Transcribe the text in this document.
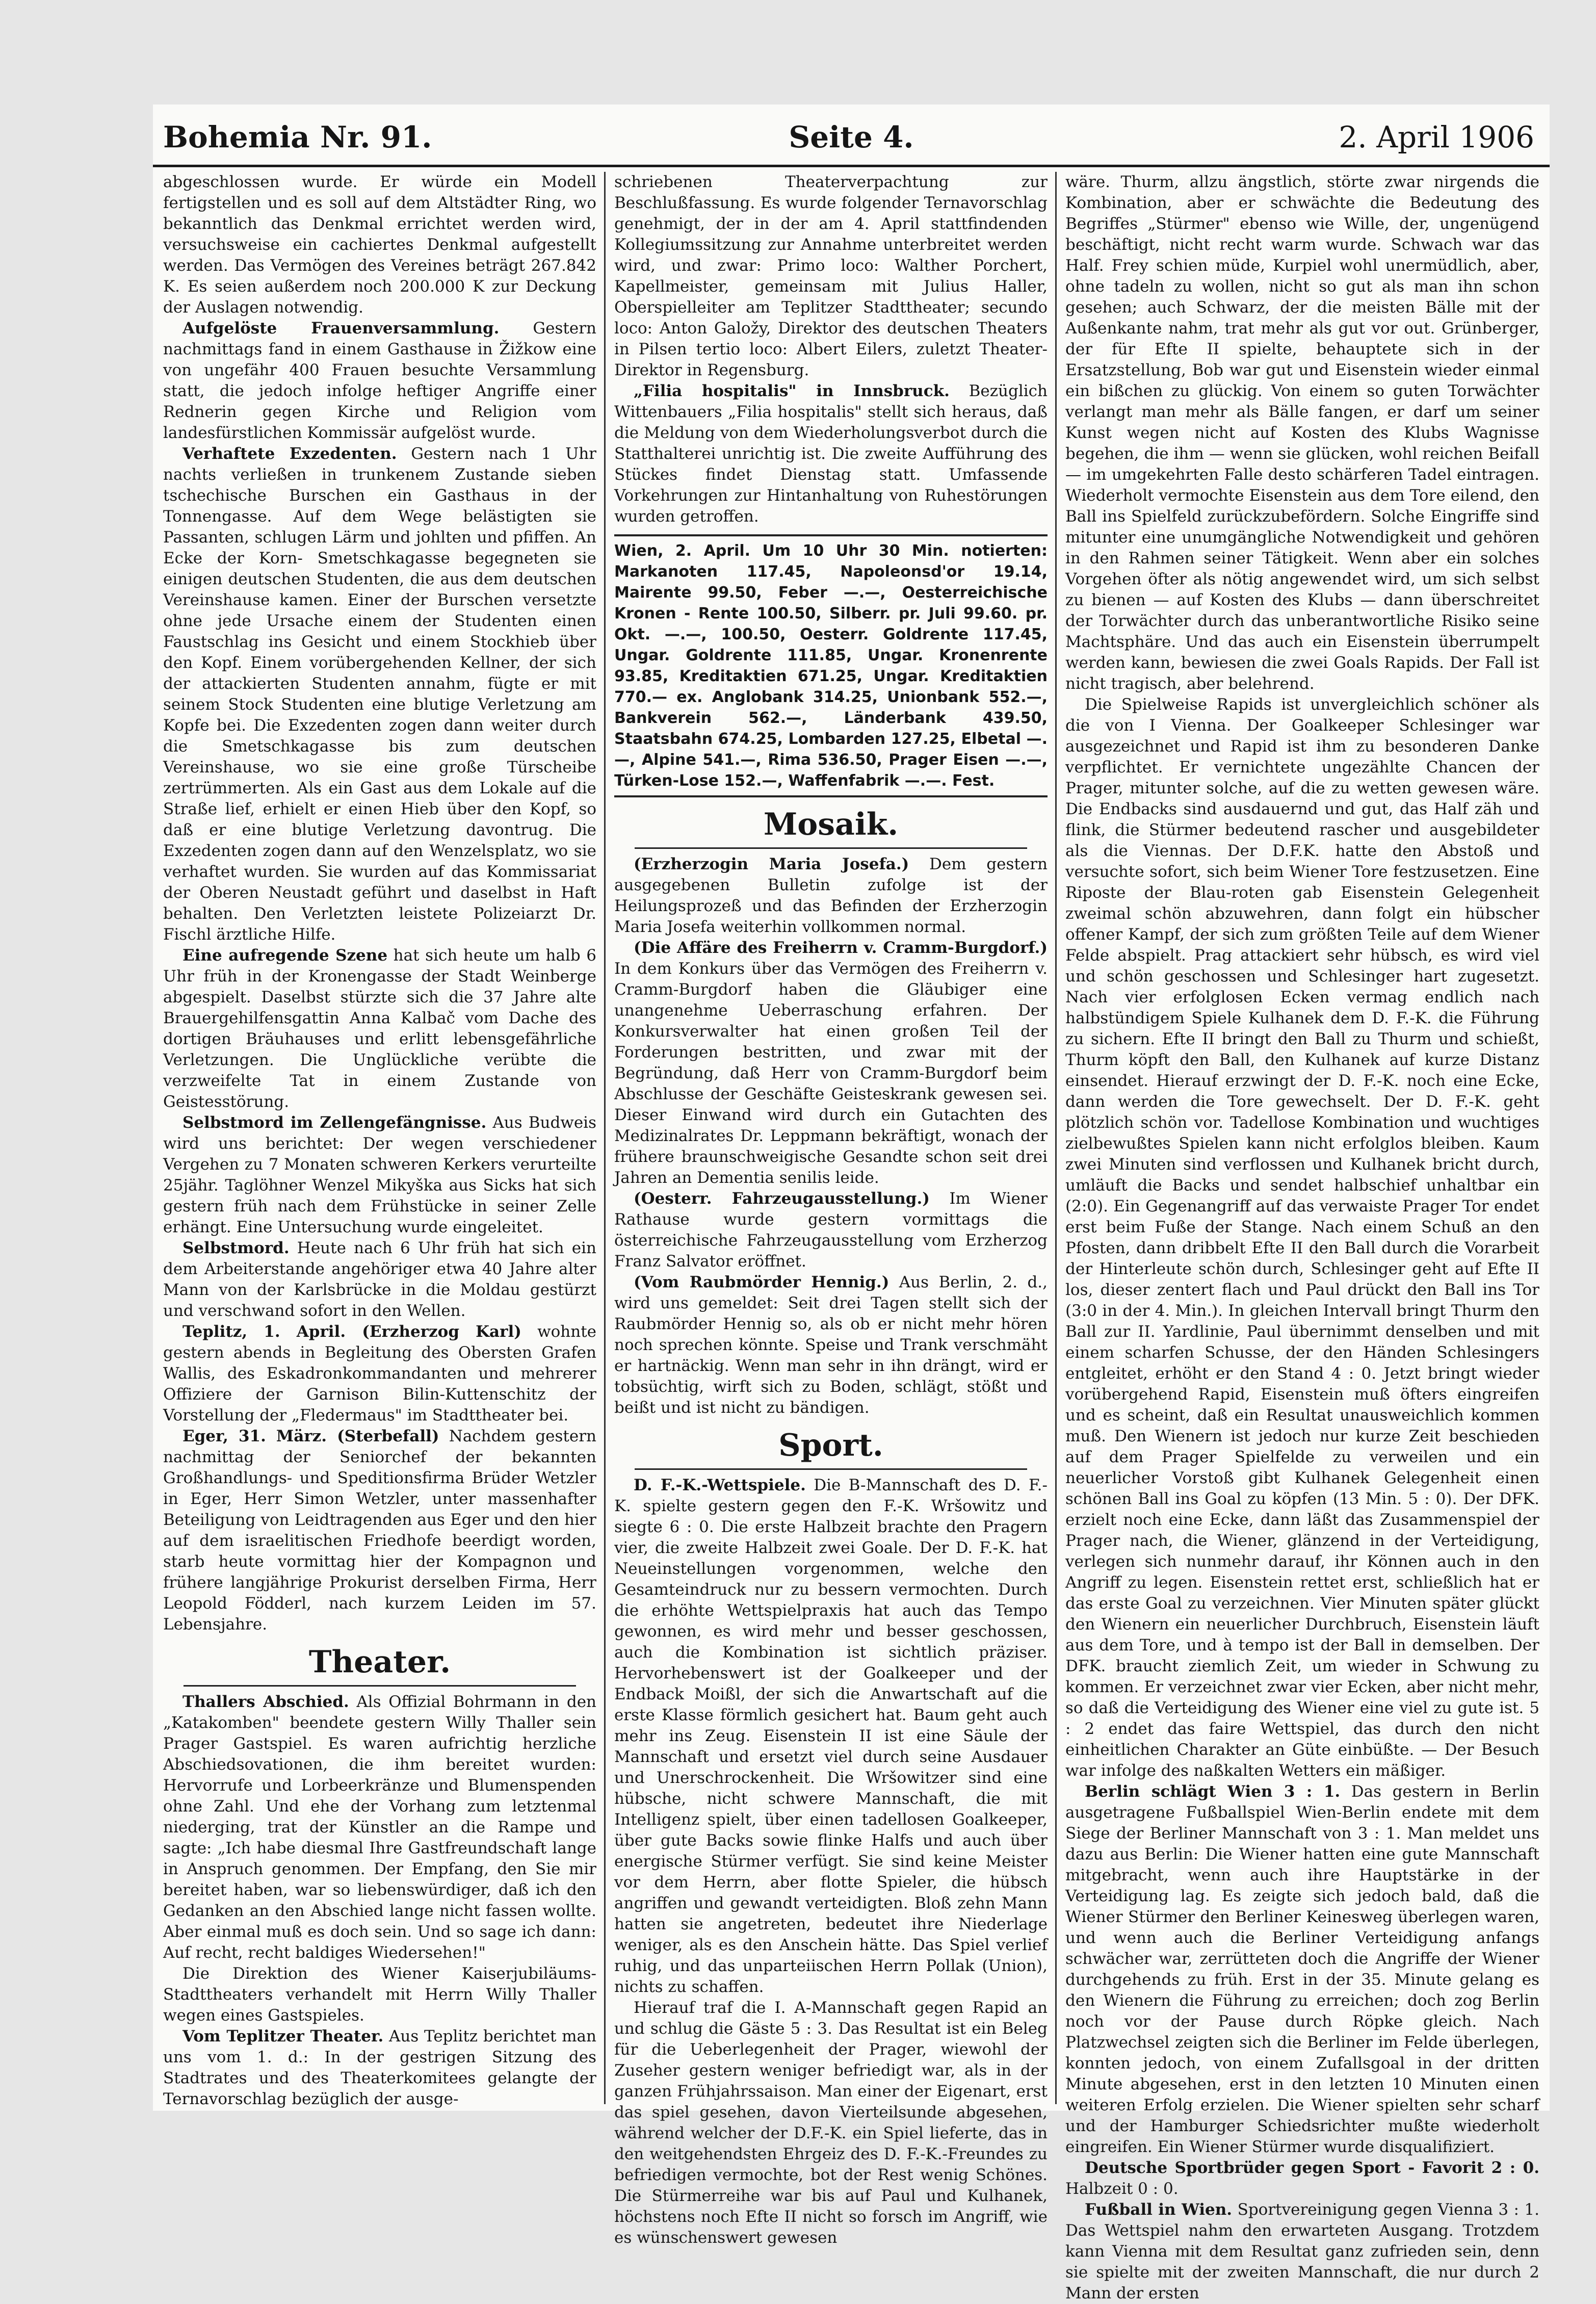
Bohemia Nr. 91.	Seite 4.	2. April 1906

abgeschlossen wurde. Er würde ein Modell fertigstellen und es soll auf dem Altstädter Ring, wo bekanntlich das Denkmal errichtet werden wird, versuchsweise ein cachiertes Denkmal aufgestellt werden. Das Vermögen des Vereines beträgt 267.842 K. Es seien außerdem noch 200.000 K zur Deckung der Auslagen notwendig.

Aufgelöste Frauenversammlung. Gestern nachmittags fand in einem Gasthause in Žižkow eine von ungefähr 400 Frauen besuchte Versammlung statt, die jedoch infolge heftiger Angriffe einer Rednerin gegen Kirche und Religion vom landesfürstlichen Kommissär aufgelöst wurde.

Verhaftete Exzedenten. Gestern nach 1 Uhr nachts verließen in trunkenem Zustande sieben tschechische Burschen ein Gasthaus in der Tonnengasse. Auf dem Wege belästigten sie Passanten, schlugen Lärm und johlten und pfiffen. An Ecke der Korn- Smetschkagasse begegneten sie einigen deutschen Studenten, die aus dem deutschen Vereinshause kamen. Einer der Burschen versetzte ohne jede Ursache einem der Studenten einen Faustschlag ins Gesicht und einem Stockhieb über den Kopf. Einem vorübergehenden Kellner, der sich der attackierten Studenten annahm, fügte er mit seinem Stock Studenten eine blutige Verletzung am Kopfe bei. Die Exzedenten zogen dann weiter durch die Smetschkagasse bis zum deutschen Vereinshause, wo sie eine große Türscheibe zertrümmerten. Als ein Gast aus dem Lokale auf die Straße lief, erhielt er einen Hieb über den Kopf, so daß er eine blutige Verletzung davontrug. Die Exzedenten zogen dann auf den Wenzelsplatz, wo sie verhaftet wurden. Sie wurden auf das Kommissariat der Oberen Neustadt geführt und daselbst in Haft behalten. Den Verletzten leistete Polizeiarzt Dr. Fischl ärztliche Hilfe.

Eine aufregende Szene hat sich heute um halb 6 Uhr früh in der Kronengasse der Stadt Weinberge abgespielt. Daselbst stürzte sich die 37 Jahre alte Brauergehilfensgattin Anna Kalbač vom Dache des dortigen Bräuhauses und erlitt lebensgefährliche Verletzungen. Die Unglückliche verübte die verzweifelte Tat in einem Zustande von Geistesstörung.

Selbstmord im Zellengefängnisse. Aus Budweis wird uns berichtet: Der wegen verschiedener Vergehen zu 7 Monaten schweren Kerkers verurteilte 25jähr. Taglöhner Wenzel Mikyška aus Sicks hat sich gestern früh nach dem Frühstücke in seiner Zelle erhängt. Eine Untersuchung wurde eingeleitet.

Selbstmord. Heute nach 6 Uhr früh hat sich ein dem Arbeiterstande angehöriger etwa 40 Jahre alter Mann von der Karlsbrücke in die Moldau gestürzt und verschwand sofort in den Wellen.

Teplitz, 1. April. (Erzherzog Karl) wohnte gestern abends in Begleitung des Obersten Grafen Wallis, des Eskadronkommandanten und mehrerer Offiziere der Garnison Bilin-Kuttenschitz der Vorstellung der „Fledermaus" im Stadttheater bei.

Eger, 31. März. (Sterbefall) Nachdem gestern nachmittag der Seniorchef der bekannten Großhandlungs- und Speditionsfirma Brüder Wetzler in Eger, Herr Simon Wetzler, unter massenhafter Beteiligung von Leidtragenden aus Eger und den hier auf dem israelitischen Friedhofe beerdigt worden, starb heute vormittag hier der Kompagnon und frühere langjährige Prokurist derselben Firma, Herr Leopold Födderl, nach kurzem Leiden im 57. Lebensjahre.

Theater.

Thallers Abschied. Als Offizial Bohrmann in den „Katakomben" beendete gestern Willy Thaller sein Prager Gastspiel. Es waren aufrichtig herzliche Abschiedsovationen, die ihm bereitet wurden: Hervorrufe und Lorbeerkränze und Blumenspenden ohne Zahl. Und ehe der Vorhang zum letztenmal niederging, trat der Künstler an die Rampe und sagte: „Ich habe diesmal Ihre Gastfreundschaft lange in Anspruch genommen. Der Empfang, den Sie mir bereitet haben, war so liebenswürdiger, daß ich den Gedanken an den Abschied lange nicht fassen wollte. Aber einmal muß es doch sein. Und so sage ich dann: Auf recht, recht baldiges Wiedersehen!"

Die Direktion des Wiener Kaiserjubiläums-Stadttheaters verhandelt mit Herrn Willy Thaller wegen eines Gastspieles.

Vom Teplitzer Theater. Aus Teplitz berichtet man uns vom 1. d.: In der gestrigen Sitzung des Stadtrates und des Theaterkomitees gelangte der Ternavorschlag bezüglich der ausge-

schriebenen Theaterverpachtung zur Beschlußfassung. Es wurde folgender Ternavorschlag genehmigt, der in der am 4. April stattfindenden Kollegiumssitzung zur Annahme unterbreitet werden wird, und zwar: Primo loco: Walther Porchert, Kapellmeister, gemeinsam mit Julius Haller, Oberspielleiter am Teplitzer Stadttheater; secundo loco: Anton Galožy, Direktor des deutschen Theaters in Pilsen tertio loco: Albert Eilers, zuletzt Theater-Direktor in Regensburg.

„Filia hospitalis" in Innsbruck. Bezüglich Wittenbauers „Filia hospitalis" stellt sich heraus, daß die Meldung von dem Wiederholungsverbot durch die Statthalterei unrichtig ist. Die zweite Aufführung des Stückes findet Dienstag statt. Umfassende Vorkehrungen zur Hintanhaltung von Ruhestörungen wurden getroffen.

Wien, 2. April. Um 10 Uhr 30 Min. notierten: Markanoten 117.45, Napoleonsd'or 19.14, Mairente 99.50, Feber —.—, Oesterreichische Kronen - Rente 100.50, Silberr. pr. Juli 99.60. pr. Okt. —.—, 100.50, Oesterr. Goldrente 117.45, Ungar. Goldrente 111.85, Ungar. Kronenrente 93.85, Kreditaktien 671.25, Ungar. Kreditaktien 770.— ex. Anglobank 314.25, Unionbank 552.—, Bankverein 562.—, Länderbank 439.50, Staatsbahn 674.25, Lombarden 127.25, Elbetal —.—, Alpine 541.—, Rima 536.50, Prager Eisen —.—, Türken-Lose 152.—, Waffenfabrik —.—. Fest.

Mosaik.

(Erzherzogin Maria Josefa.) Dem gestern ausgegebenen Bulletin zufolge ist der Heilungsprozeß und das Befinden der Erzherzogin Maria Josefa weiterhin vollkommen normal.

(Die Affäre des Freiherrn v. Cramm-Burgdorf.) In dem Konkurs über das Vermögen des Freiherrn v. Cramm-Burgdorf haben die Gläubiger eine unangenehme Ueberraschung erfahren. Der Konkursverwalter hat einen großen Teil der Forderungen bestritten, und zwar mit der Begründung, daß Herr von Cramm-Burgdorf beim Abschlusse der Geschäfte Geisteskrank gewesen sei. Dieser Einwand wird durch ein Gutachten des Medizinalrates Dr. Leppmann bekräftigt, wonach der frühere braunschweigische Gesandte schon seit drei Jahren an Dementia senilis leide.

(Oesterr. Fahrzeugausstellung.) Im Wiener Rathause wurde gestern vormittags die österreichische Fahrzeugausstellung vom Erzherzog Franz Salvator eröffnet.

(Vom Raubmörder Hennig.) Aus Berlin, 2. d., wird uns gemeldet: Seit drei Tagen stellt sich der Raubmörder Hennig so, als ob er nicht mehr hören noch sprechen könnte. Speise und Trank verschmäht er hartnäckig. Wenn man sehr in ihn drängt, wird er tobsüchtig, wirft sich zu Boden, schlägt, stößt und beißt und ist nicht zu bändigen.

Sport.

D. F.-K.-Wettspiele. Die B-Mannschaft des D. F.-K. spielte gestern gegen den F.-K. Wršowitz und siegte 6 : 0. Die erste Halbzeit brachte den Pragern vier, die zweite Halbzeit zwei Goale. Der D. F.-K. hat Neueinstellungen vorgenommen, welche den Gesamteindruck nur zu bessern vermochten. Durch die erhöhte Wettspielpraxis hat auch das Tempo gewonnen, es wird mehr und besser geschossen, auch die Kombination ist sichtlich präziser. Hervorhebenswert ist der Goalkeeper und der Endback Moißl, der sich die Anwartschaft auf die erste Klasse förmlich gesichert hat. Baum geht auch mehr ins Zeug. Eisenstein II ist eine Säule der Mannschaft und ersetzt viel durch seine Ausdauer und Unerschrockenheit. Die Wršowitzer sind eine hübsche, nicht schwere Mannschaft, die mit Intelligenz spielt, über einen tadellosen Goalkeeper, über gute Backs sowie flinke Halfs und auch über energische Stürmer verfügt. Sie sind keine Meister vor dem Herrn, aber flotte Spieler, die hübsch angriffen und gewandt verteidigten. Bloß zehn Mann hatten sie angetreten, bedeutet ihre Niederlage weniger, als es den Anschein hätte. Das Spiel verlief ruhig, und das unparteiischen Herrn Pollak (Union), nichts zu schaffen.

Hierauf traf die I. A-Mannschaft gegen Rapid an und schlug die Gäste 5 : 3. Das Resultat ist ein Beleg für die Ueberlegenheit der Prager, wiewohl der Zuseher gestern weniger befriedigt war, als in der ganzen Frühjahrssaison. Man einer der Eigenart, erst das spiel gesehen, davon Vierteilsunde abgesehen, während welcher der D.F.-K. ein Spiel lieferte, das in den weitgehendsten Ehrgeiz des D. F.-K.-Freundes zu befriedigen vermochte, bot der Rest wenig Schönes. Die Stürmerreihe war bis auf Paul und Kulhanek, höchstens noch Efte II nicht so forsch im Angriff, wie es wünschenswert gewesen

wäre. Thurm, allzu ängstlich, störte zwar nirgends die Kombination, aber er schwächte die Bedeutung des Begriffes „Stürmer" ebenso wie Wille, der, ungenügend beschäftigt, nicht recht warm wurde. Schwach war das Half. Frey schien müde, Kurpiel wohl unermüdlich, aber, ohne tadeln zu wollen, nicht so gut als man ihn schon gesehen; auch Schwarz, der die meisten Bälle mit der Außenkante nahm, trat mehr als gut vor out. Grünberger, der für Efte II spielte, behauptete sich in der Ersatzstellung, Bob war gut und Eisenstein wieder einmal ein bißchen zu glückig. Von einem so guten Torwächter verlangt man mehr als Bälle fangen, er darf um seiner Kunst wegen nicht auf Kosten des Klubs Wagnisse begehen, die ihm — wenn sie glücken, wohl reichen Beifall — im umgekehrten Falle desto schärferen Tadel eintragen. Wiederholt vermochte Eisenstein aus dem Tore eilend, den Ball ins Spielfeld zurückzubefördern. Solche Eingriffe sind mitunter eine unumgängliche Notwendigkeit und gehören in den Rahmen seiner Tätigkeit. Wenn aber ein solches Vorgehen öfter als nötig angewendet wird, um sich selbst zu bienen — auf Kosten des Klubs — dann überschreitet der Torwächter durch das unberantwortliche Risiko seine Machtsphäre. Und das auch ein Eisenstein überrumpelt werden kann, bewiesen die zwei Goals Rapids. Der Fall ist nicht tragisch, aber belehrend.

Die Spielweise Rapids ist unvergleichlich schöner als die von I Vienna. Der Goalkeeper Schlesinger war ausgezeichnet und Rapid ist ihm zu besonderen Danke verpflichtet. Er vernichtete ungezählte Chancen der Prager, mitunter solche, auf die zu wetten gewesen wäre. Die Endbacks sind ausdauernd und gut, das Half zäh und flink, die Stürmer bedeutend rascher und ausgebildeter als die Viennas. Der D.F.K. hatte den Abstoß und versuchte sofort, sich beim Wiener Tore festzusetzen. Eine Riposte der Blau-roten gab Eisenstein Gelegenheit zweimal schön abzuwehren, dann folgt ein hübscher offener Kampf, der sich zum größten Teile auf dem Wiener Felde abspielt. Prag attackiert sehr hübsch, es wird viel und schön geschossen und Schlesinger hart zugesetzt. Nach vier erfolglosen Ecken vermag endlich nach halbstündigem Spiele Kulhanek dem D. F.-K. die Führung zu sichern. Efte II bringt den Ball zu Thurm und schießt, Thurm köpft den Ball, den Kulhanek auf kurze Distanz einsendet. Hierauf erzwingt der D. F.-K. noch eine Ecke, dann werden die Tore gewechselt. Der D. F.-K. geht plötzlich schön vor. Tadellose Kombination und wuchtiges zielbewußtes Spielen kann nicht erfolglos bleiben. Kaum zwei Minuten sind verflossen und Kulhanek bricht durch, umläuft die Backs und sendet halbschief unhaltbar ein (2:0). Ein Gegenangriff auf das verwaiste Prager Tor endet erst beim Fuße der Stange. Nach einem Schuß an den Pfosten, dann dribbelt Efte II den Ball durch die Vorarbeit der Hinterleute schön durch, Schlesinger geht auf Efte II los, dieser zentert flach und Paul drückt den Ball ins Tor (3:0 in der 4. Min.). In gleichen Intervall bringt Thurm den Ball zur II. Yardlinie, Paul übernimmt denselben und mit einem scharfen Schusse, der den Händen Schlesingers entgleitet, erhöht er den Stand 4 : 0. Jetzt bringt wieder vorübergehend Rapid, Eisenstein muß öfters eingreifen und es scheint, daß ein Resultat unausweichlich kommen muß. Den Wienern ist jedoch nur kurze Zeit beschieden auf dem Prager Spielfelde zu verweilen und ein neuerlicher Vorstoß gibt Kulhanek Gelegenheit einen schönen Ball ins Goal zu köpfen (13 Min. 5 : 0). Der DFK. erzielt noch eine Ecke, dann läßt das Zusammenspiel der Prager nach, die Wiener, glänzend in der Verteidigung, verlegen sich nunmehr darauf, ihr Können auch in den Angriff zu legen. Eisenstein rettet erst, schließlich hat er das erste Goal zu verzeichnen. Vier Minuten später glückt den Wienern ein neuerlicher Durchbruch, Eisenstein läuft aus dem Tore, und à tempo ist der Ball in demselben. Der DFK. braucht ziemlich Zeit, um wieder in Schwung zu kommen. Er verzeichnet zwar vier Ecken, aber nicht mehr, so daß die Verteidigung des Wiener eine viel zu gute ist. 5 : 2 endet das faire Wettspiel, das durch den nicht einheitlichen Charakter an Güte einbüßte. — Der Besuch war infolge des naßkalten Wetters ein mäßiger.

Berlin schlägt Wien 3 : 1. Das gestern in Berlin ausgetragene Fußballspiel Wien-Berlin endete mit dem Siege der Berliner Mannschaft von 3 : 1. Man meldet uns dazu aus Berlin: Die Wiener hatten eine gute Mannschaft mitgebracht, wenn auch ihre Hauptstärke in der Verteidigung lag. Es zeigte sich jedoch bald, daß die Wiener Stürmer den Berliner Keinesweg überlegen waren, und wenn auch die Berliner Verteidigung anfangs schwächer war, zerrütteten doch die Angriffe der Wiener durchgehends zu früh. Erst in der 35. Minute gelang es den Wienern die Führung zu erreichen; doch zog Berlin noch vor der Pause durch Röpke gleich. Nach Platzwechsel zeigten sich die Berliner im Felde überlegen, konnten jedoch, von einem Zufallsgoal in der dritten Minute abgesehen, erst in den letzten 10 Minuten einen weiteren Erfolg erzielen. Die Wiener spielten sehr scharf und der Hamburger Schiedsrichter mußte wiederholt eingreifen. Ein Wiener Stürmer wurde disqualifiziert.

Deutsche Sportbrüder gegen Sport - Favorit 2 : 0. Halbzeit 0 : 0.

Fußball in Wien. Sportvereinigung gegen Vienna 3 : 1. Das Wettspiel nahm den erwarteten Ausgang. Trotzdem kann Vienna mit dem Resultat ganz zufrieden sein, denn sie spielte mit der zweiten Mannschaft, die nur durch 2 Mann der ersten
